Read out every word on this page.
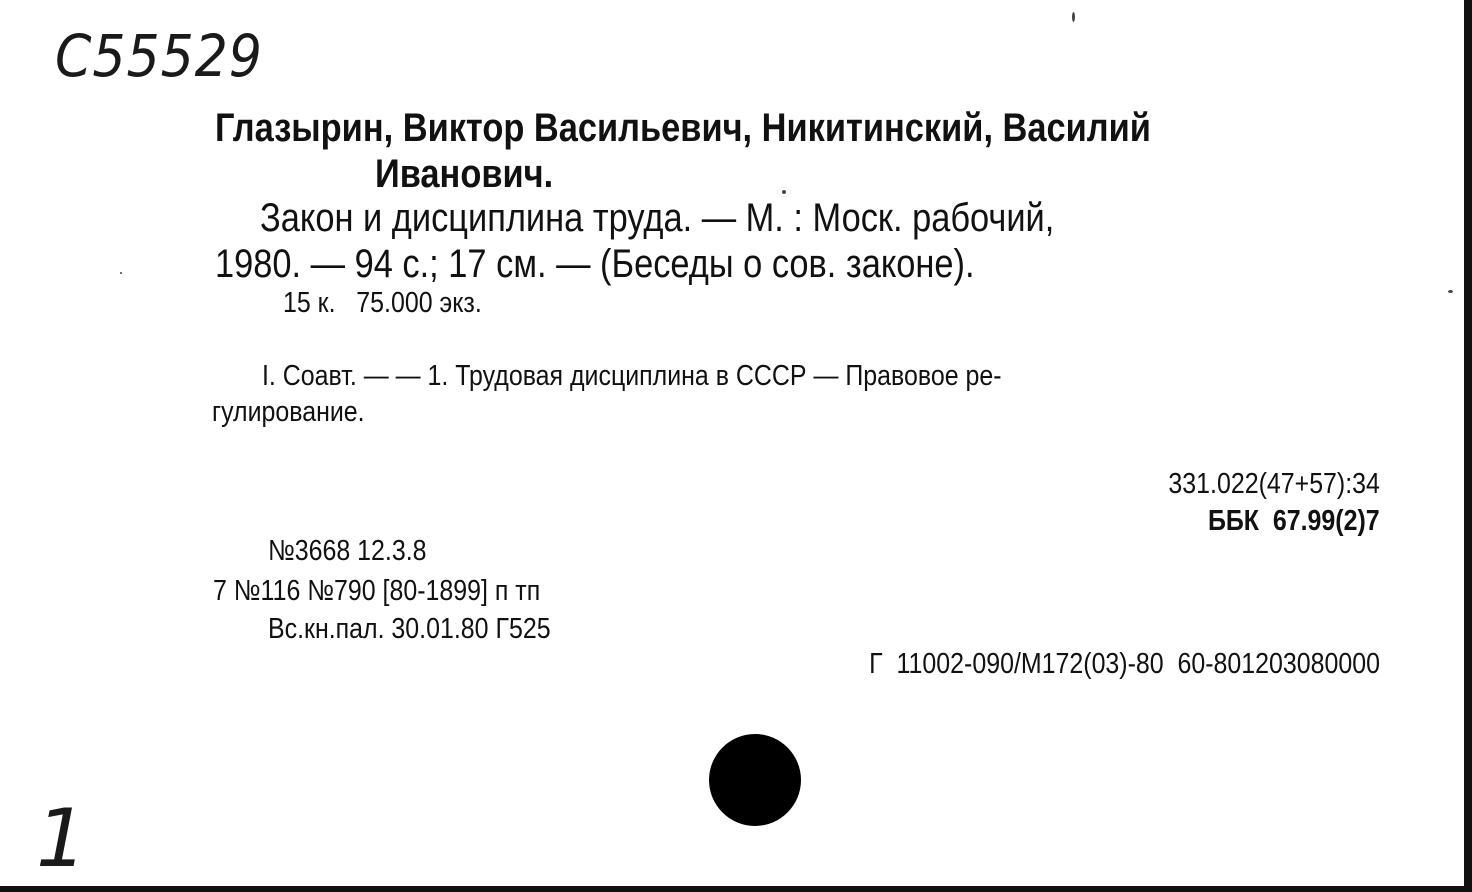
С55529
Глазырин, Виктор Васильевич, Никитинский, Василий
Иванович.
Закон и дисциплина труда. — М. : Моск. рабочий,
1980. — 94 с.; 17 см. — (Беседы о сов. законе).
15 к.   75.000 экз.
I. Соавт. — — 1. Трудовая дисциплина в СССР — Правовое ре-
гулирование.
331.022(47+57):34
ББК  67.99(2)7
№3668 12.3.8
7 №116 №790 [80-1899] п тп
Вс.кн.пал. 30.01.80 Г525
Г  11002-090/М172(03)-80  60-801203080000
1
